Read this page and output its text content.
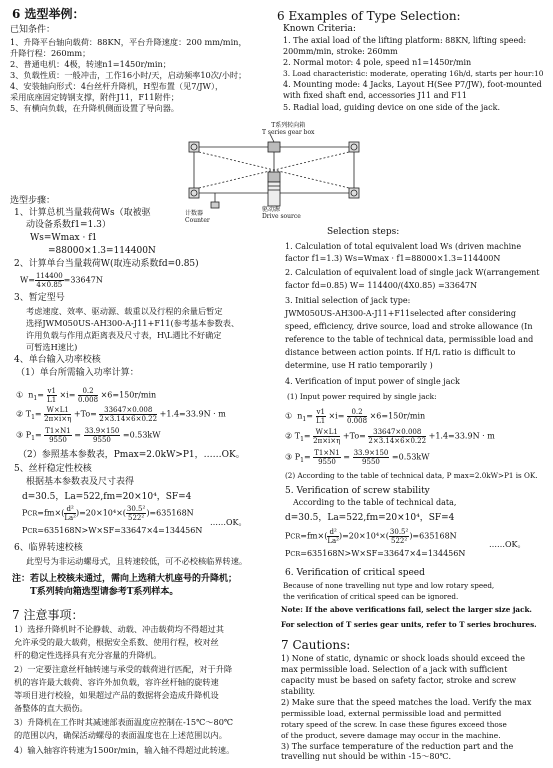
6 选型举例：
已知条件：
1、升降平台轴向载荷：88KN，平台升降速度：200 mm/min，
升降行程：260mm；
2、普通电机：4极，转速n1=1450r/min；
3、负载性质：一般冲击，工作16小时/天，启动频率10次/小时；
4、安装轴向形式：4台丝杆升降机，H型布置（见7/JW），
采用底座固定铸钢支撑，附件J11，F11附件；
5、有横向负载，在升降机侧面设置了导向器。
选型步骤：
1、计算总机当量载荷Ws（取被驱
动设备系数f1=1.3）
Ws=Wmax · f1
=88000×1.3=114400N
2、计算单台当量载荷W(取连动系数fd=0.85)
$W= \frac{114400}{4\times 0.85} =33647N$
3、暂定型号
考虑速度、效率、驱动源、载重以及行程的余量后暂定
选择JWM050US-AH300-A-J11+F11(参考基本参数表、
许用负载与作用点距离表及尺寸表，H\L遇比不好确定
可暂选H速比)
4、单台输入功率校核
（1）单台所需输入功率计算：
①  $n_1= \frac{v1}{L1} \times i= \frac{0.2}{0.008} \times 6=150r/\min$
② $T_1= \frac{W\times L1}{2\pi\times i\times\eta} +To= \frac{33647\times 0.008}{2\times 3.14\times 6\times 0.22} +1.4=33.9N \cdot m$
③ $P_1= \frac{T1\times N1}{9550} = \frac{33.9\times 150}{9550} =0.53kW$
（2）参照基本参数表，Pmax=2.0kW>P1，……OK。
5、丝杆稳定性校核
根据基本参数表及尺寸表得
d=30.5，La=522,fm=20×10⁴，SF=4
$PCR=fm\times( \frac{\text{d²}}{\text{La²}} )=20\times 10^4\times( \frac{\text{30.5²}}{\text{522²}} )=635168N$
PCR=635168N>W×SF=33647×4=134456N
……OK。
6、临界转速校核
此型号为非运动螺母式，且转速较低，可不必校核临界转速。
注：若以上校核未通过，需向上选稍大机座号的升降机；
T系列转向箱选型请参考T系列样本。
7 注意事项：
1）选择升降机时不论静载、动载、冲击载荷均不得超过其
允许承受的最大载荷，根据安全系数、使用行程，校对丝
杆的稳定性选择具有充分容量的升降机。
2）一定要注意丝杆轴转速与承受的载荷进行匹配，对于升降
机的容许最大载荷、容许外加负载，容许丝杆轴的旋转速
等项目进行校验，如果超过产品的数据将会造成升降机设
备整体的直大损伤。
3）升降机在工作时其减速部表面温度应控制在-15℃～80℃
的范围以内，确保活动螺母的表面温度也在上述范围以内。
4）输入轴容许转速为1500r/min，输入轴不得超过此转速。
T系列转向箱
T series gear box
计数器
Counter
驱动源
Drive source
6 Examples of Type Selection:
Known Criteria:
1. The axial load of the lifting platform: 88KN, lifting speed:
200mm/min, stroke: 260mm
2. Normal motor: 4 pole, speed n1=1450r/min
3. Load characteristic: moderate, operating 16h/d, starts per hour:10
4. Mounting mode: 4 Jacks, Layout H(See P7/JW), foot-mounted
with fixed shaft end, accessories J11 and F11
5. Radial load, guiding device on one side of the jack.
Selection steps:
1. Calculation of total equivalent load Ws (driven machine
factor f1=1.3) Ws=Wmax · f1=88000×1.3=114400N
2. Calculation of equivalent load of single jack W(arrangement
factor fd=0.85) W= 114400/(4X0.85) =33647N
3. Initial selection of jack type:
JWM050US-AH300-A-J11+F11selected after considering
speed, efficiency, drive source, load and stroke allowance (In
reference to the table of technical data, permissible load and
distance between action points. If H/L ratio is difficult to
determine, use H ratio temporarily )
4. Verification of input power of single jack
(1) Input power required by single jack:
①  $n_1= \frac{v1}{L1} \times i= \frac{0.2}{0.008} \times 6=150r/\min$
② $T_1= \frac{W\times L1}{2\pi\times i\times\eta} +To= \frac{33647\times 0.008}{2\times 3.14\times 6\times 0.22} +1.4=33.9N \cdot m$
③ $P_1= \frac{T1\times N1}{9550} = \frac{33.9\times 150}{9550} =0.53kW$
(2) According to the table of technical data, P max=2.0kW>P1 is OK.
5. Verification of screw stability
According to the table of technical data,
d=30.5，La=522,fm=20×10⁴，SF=4
$PCR=fm\times( \frac{\text{d²}}{\text{La²}} )=20\times 10^4\times( \frac{\text{30.5²}}{\text{522²}} )=635168N$
PCR=635168N>W×SF=33647×4=134456N
……OK。
6. Verification of critical speed
Because of none travelling nut type and low rotary speed,
the verification of critical speed can be ignored.
Note: If the above verifications fail, select the larger size jack.
For selection of T series gear units, refer to T series brochures.
7 Cautions:
1) None of static, dynamic or shock loads should exceed the
max permissible load. Selection of a jack with sufficient
capacity must be based on safety factor, stroke and screw
stability.
2) Make sure that the speed matches the load. Verify the max
permissible load, external permissible load and permitted
rotary speed of the screw. In case these figures exceed those
of the product, severe damage may occur in the machine.
3) The surface temperature of the reduction part and the
travelling nut should be within -15～80℃.
